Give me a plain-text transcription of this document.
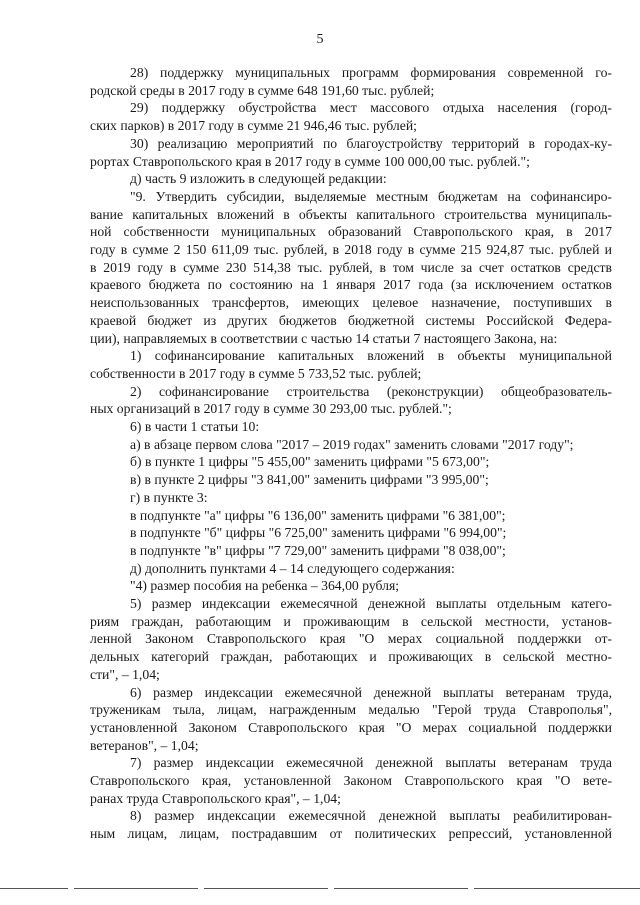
5
28) поддержку муниципальных программ формирования современной го-
родской среды в 2017 году в сумме 648 191,60 тыс. рублей;
29) поддержку обустройства мест массового отдыха населения (город-
ских парков) в 2017 году в сумме 21 946,46 тыс. рублей;
30) реализацию мероприятий по благоустройству территорий в городах-ку-
рортах Ставропольского края в 2017 году в сумме 100 000,00 тыс. рублей.";
д) часть 9 изложить в следующей редакции:
"9. Утвердить субсидии, выделяемые местным бюджетам на софинансиро-
вание капитальных вложений в объекты капитального строительства муниципаль-
ной собственности муниципальных образований Ставропольского края, в 2017
году в сумме 2 150 611,09 тыс. рублей, в 2018 году в сумме 215 924,87 тыс. рублей и
в 2019 году в сумме 230 514,38 тыс. рублей, в том числе за счет остатков средств
краевого бюджета по состоянию на 1 января 2017 года (за исключением остатков
неиспользованных трансфертов, имеющих целевое назначение, поступивших в
краевой бюджет из других бюджетов бюджетной системы Российской Федера-
ции), направляемых в соответствии с частью 14 статьи 7 настоящего Закона, на:
1) софинансирование капитальных вложений в объекты муниципальной
собственности в 2017 году в сумме 5 733,52 тыс. рублей;
2) софинансирование строительства (реконструкции) общеобразователь-
ных организаций в 2017 году в сумме 30 293,00 тыс. рублей.";
6) в части 1 статьи 10:
а) в абзаце первом слова "2017 – 2019 годах" заменить словами "2017 году";
б) в пункте 1 цифры "5 455,00" заменить цифрами "5 673,00";
в) в пункте 2 цифры "3 841,00" заменить цифрами "3 995,00";
г) в пункте 3:
в подпункте "а" цифры "6 136,00" заменить цифрами "6 381,00";
в подпункте "б" цифры "6 725,00" заменить цифрами "6 994,00";
в подпункте "в" цифры "7 729,00" заменить цифрами "8 038,00";
д) дополнить пунктами 4 – 14 следующего содержания:
"4) размер пособия на ребенка – 364,00 рубля;
5) размер индексации ежемесячной денежной выплаты отдельным катего-
риям граждан, работающим и проживающим в сельской местности, установ-
ленной Законом Ставропольского края "О мерах социальной поддержки от-
дельных категорий граждан, работающих и проживающих в сельской местно-
сти", – 1,04;
6) размер индексации ежемесячной денежной выплаты ветеранам труда,
труженикам тыла, лицам, награжденным медалью "Герой труда Ставрополья",
установленной Законом Ставропольского края "О мерах социальной поддержки
ветеранов", – 1,04;
7) размер индексации ежемесячной денежной выплаты ветеранам труда
Ставропольского края, установленной Законом Ставропольского края "О вете-
ранах труда Ставропольского края", – 1,04;
8) размер индексации ежемесячной денежной выплаты реабилитирован-
ным лицам, лицам, пострадавшим от политических репрессий, установленной
